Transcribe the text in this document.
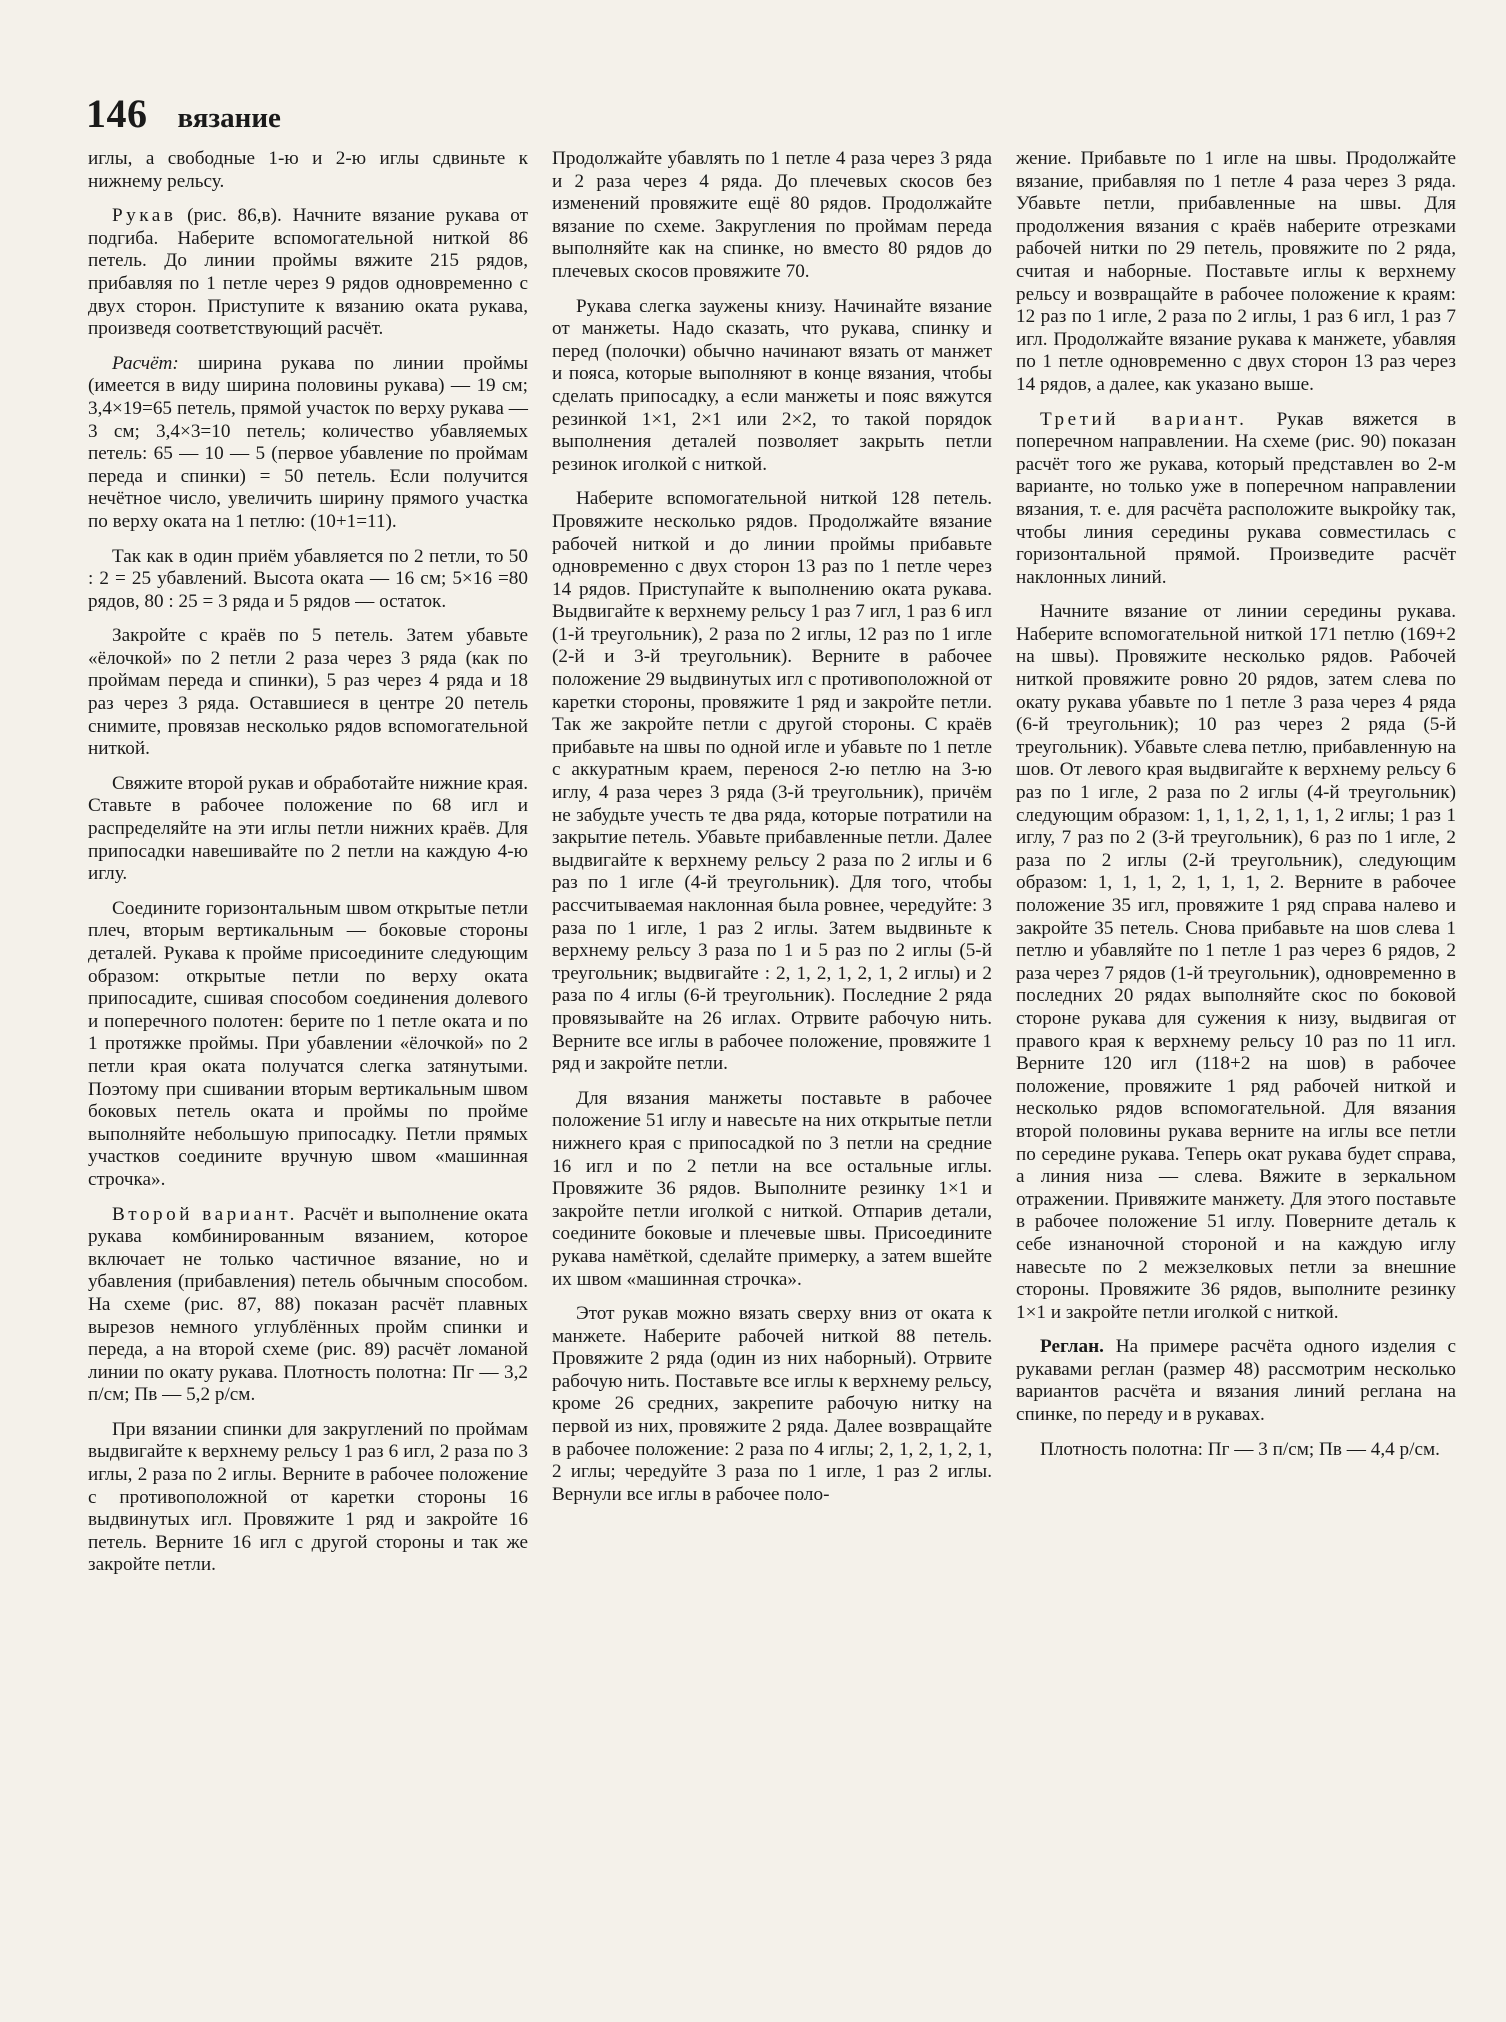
146 вязание

иглы, а свободные 1-ю и 2-ю иглы сдвиньте к нижнему рельсу.

Рукав (рис. 86,в). Начните вязание рукава от подгиба. Наберите вспомогательной ниткой 86 петель. До линии проймы вяжите 215 рядов, прибавляя по 1 петле через 9 рядов одновременно с двух сторон. Приступите к вязанию оката рукава, произведя соответствующий расчёт.

Расчёт: ширина рукава по линии проймы (имеется в виду ширина половины рукава) — 19 см; 3,4×19=65 петель, прямой участок по верху рукава — 3 см; 3,4×3=10 петель; количество убавляемых петель: 65 — 10 — 5 (первое убавление по проймам переда и спинки) = 50 петель. Если получится нечётное число, увеличить ширину прямого участка по верху оката на 1 петлю: (10+1=11).

Так как в один приём убавляется по 2 петли, то 50 : 2 = 25 убавлений. Высота оката — 16 см; 5×16 =80 рядов, 80 : 25 = 3 ряда и 5 рядов — остаток.

Закройте с краёв по 5 петель. Затем убавьте «ёлочкой» по 2 петли 2 раза через 3 ряда (как по проймам переда и спинки), 5 раз через 4 ряда и 18 раз через 3 ряда. Оставшиеся в центре 20 петель снимите, провязав несколько рядов вспомогательной ниткой.

Свяжите второй рукав и обработайте нижние края. Ставьте в рабочее положение по 68 игл и распределяйте на эти иглы петли нижних краёв. Для припосадки навешивайте по 2 петли на каждую 4-ю иглу.

Соедините горизонтальным швом открытые петли плеч, вторым вертикальным — боковые стороны деталей. Рукава к пройме присоедините следующим образом: открытые петли по верху оката припосадите, сшивая способом соединения долевого и поперечного полотен: берите по 1 петле оката и по 1 протяжке проймы. При убавлении «ёлочкой» по 2 петли края оката получатся слегка затянутыми. Поэтому при сшивании вторым вертикальным швом боковых петель оката и проймы по пройме выполняйте небольшую припосадку. Петли прямых участков соедините вручную швом «машинная строчка».

Второй вариант. Расчёт и выполнение оката рукава комбинированным вязанием, которое включает не только частичное вязание, но и убавления (прибавления) петель обычным способом. На схеме (рис. 87, 88) показан расчёт плавных вырезов немного углублённых пройм спинки и переда, а на второй схеме (рис. 89) расчёт ломаной линии по окату рукава. Плотность полотна: Пг — 3,2 п/см; Пв — 5,2 р/см.

При вязании спинки для закруглений по проймам выдвигайте к верхнему рельсу 1 раз 6 игл, 2 раза по 3 иглы, 2 раза по 2 иглы. Верните в рабочее положение с противоположной от каретки стороны 16 выдвинутых игл. Провяжите 1 ряд и закройте 16 петель. Верните 16 игл с другой стороны и так же закройте петли.

Продолжайте убавлять по 1 петле 4 раза через 3 ряда и 2 раза через 4 ряда. До плечевых скосов без изменений провяжите ещё 80 рядов. Продолжайте вязание по схеме. Закругления по проймам переда выполняйте как на спинке, но вместо 80 рядов до плечевых скосов провяжите 70.

Рукава слегка заужены книзу. Начинайте вязание от манжеты. Надо сказать, что рукава, спинку и перед (полочки) обычно начинают вязать от манжет и пояса, которые выполняют в конце вязания, чтобы сделать припосадку, а если манжеты и пояс вяжутся резинкой 1×1, 2×1 или 2×2, то такой порядок выполнения деталей позволяет закрыть петли резинок иголкой с ниткой.

Наберите вспомогательной ниткой 128 петель. Провяжите несколько рядов. Продолжайте вязание рабочей ниткой и до линии проймы прибавьте одновременно с двух сторон 13 раз по 1 петле через 14 рядов. Приступайте к выполнению оката рукава. Выдвигайте к верхнему рельсу 1 раз 7 игл, 1 раз 6 игл (1-й треугольник), 2 раза по 2 иглы, 12 раз по 1 игле (2-й и 3-й треугольник). Верните в рабочее положение 29 выдвинутых игл с противоположной от каретки стороны, провяжите 1 ряд и закройте петли. Так же закройте петли с другой стороны. С краёв прибавьте на швы по одной игле и убавьте по 1 петле с аккуратным краем, перенося 2-ю петлю на 3-ю иглу, 4 раза через 3 ряда (3-й треугольник), причём не забудьте учесть те два ряда, которые потратили на закрытие петель. Убавьте прибавленные петли. Далее выдвигайте к верхнему рельсу 2 раза по 2 иглы и 6 раз по 1 игле (4-й треугольник). Для того, чтобы рассчитываемая наклонная была ровнее, чередуйте: 3 раза по 1 игле, 1 раз 2 иглы. Затем выдвиньте к верхнему рельсу 3 раза по 1 и 5 раз по 2 иглы (5-й треугольник; выдвигайте : 2, 1, 2, 1, 2, 1, 2 иглы) и 2 раза по 4 иглы (6-й треугольник). Последние 2 ряда провязывайте на 26 иглах. Отрвите рабочую нить. Верните все иглы в рабочее положение, провяжите 1 ряд и закройте петли.

Для вязания манжеты поставьте в рабочее положение 51 иглу и навесьте на них открытые петли нижнего края с припосадкой по 3 петли на средние 16 игл и по 2 петли на все остальные иглы. Провяжите 36 рядов. Выполните резинку 1×1 и закройте петли иголкой с ниткой. Отпарив детали, соедините боковые и плечевые швы. Присоедините рукава намёткой, сделайте примерку, а затем вшейте их швом «машинная строчка».

Этот рукав можно вязать сверху вниз от оката к манжете. Наберите рабочей ниткой 88 петель. Провяжите 2 ряда (один из них наборный). Отрвите рабочую нить. Поставьте все иглы к верхнему рельсу, кроме 26 средних, закрепите рабочую нитку на первой из них, провяжите 2 ряда. Далее возвращайте в рабочее положение: 2 раза по 4 иглы; 2, 1, 2, 1, 2, 1, 2 иглы; чередуйте 3 раза по 1 игле, 1 раз 2 иглы. Вернули все иглы в рабочее поло-

жение. Прибавьте по 1 игле на швы. Продолжайте вязание, прибавляя по 1 петле 4 раза через 3 ряда. Убавьте петли, прибавленные на швы. Для продолжения вязания с краёв наберите отрезками рабочей нитки по 29 петель, провяжите по 2 ряда, считая и наборные. Поставьте иглы к верхнему рельсу и возвращайте в рабочее положение к краям: 12 раз по 1 игле, 2 раза по 2 иглы, 1 раз 6 игл, 1 раз 7 игл. Продолжайте вязание рукава к манжете, убавляя по 1 петле одновременно с двух сторон 13 раз через 14 рядов, а далее, как указано выше.

Третий вариант. Рукав вяжется в поперечном направлении. На схеме (рис. 90) показан расчёт того же рукава, который представлен во 2-м варианте, но только уже в поперечном направлении вязания, т. е. для расчёта расположите выкройку так, чтобы линия середины рукава совместилась с горизонтальной прямой. Произведите расчёт наклонных линий.

Начните вязание от линии середины рукава. Наберите вспомогательной ниткой 171 петлю (169+2 на швы). Провяжите несколько рядов. Рабочей ниткой провяжите ровно 20 рядов, затем слева по окату рукава убавьте по 1 петле 3 раза через 4 ряда (6-й треугольник); 10 раз через 2 ряда (5-й треугольник). Убавьте слева петлю, прибавленную на шов. От левого края выдвигайте к верхнему рельсу 6 раз по 1 игле, 2 раза по 2 иглы (4-й треугольник) следующим образом: 1, 1, 1, 2, 1, 1, 1, 2 иглы; 1 раз 1 иглу, 7 раз по 2 (3-й треугольник), 6 раз по 1 игле, 2 раза по 2 иглы (2-й треугольник), следующим образом: 1, 1, 1, 2, 1, 1, 1, 2. Верните в рабочее положение 35 игл, провяжите 1 ряд справа налево и закройте 35 петель. Снова прибавьте на шов слева 1 петлю и убавляйте по 1 петле 1 раз через 6 рядов, 2 раза через 7 рядов (1-й треугольник), одновременно в последних 20 рядах выполняйте скос по боковой стороне рукава для сужения к низу, выдвигая от правого края к верхнему рельсу 10 раз по 11 игл. Верните 120 игл (118+2 на шов) в рабочее положение, провяжите 1 ряд рабочей ниткой и несколько рядов вспомогательной. Для вязания второй половины рукава верните на иглы все петли по середине рукава. Теперь окат рукава будет справа, а линия низа — слева. Вяжите в зеркальном отражении. Привяжите манжету. Для этого поставьте в рабочее положение 51 иглу. Поверните деталь к себе изнаночной стороной и на каждую иглу навесьте по 2 межзелковых петли за внешние стороны. Провяжите 36 рядов, выполните резинку 1×1 и закройте петли иголкой с ниткой.

Реглан. На примере расчёта одного изделия с рукавами реглан (размер 48) рассмотрим несколько вариантов расчёта и вязания линий реглана на спинке, по переду и в рукавах.

Плотность полотна: Пг — 3 п/см; Пв — 4,4 р/см.
